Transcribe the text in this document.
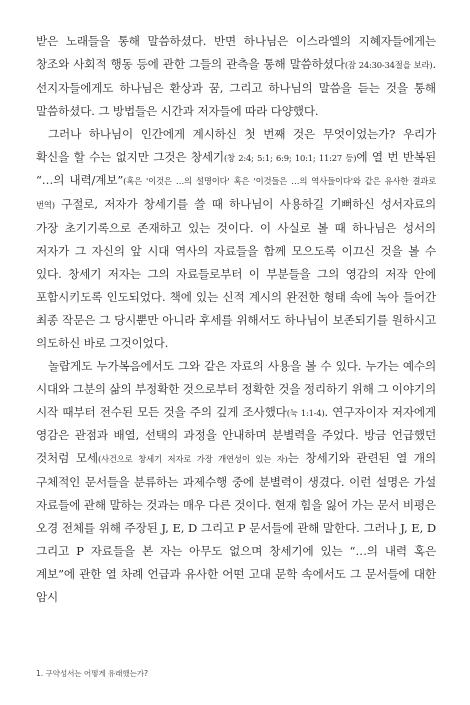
받은 노래들을 통해 말씀하셨다. 반면 하나님은 이스라엘의 지혜자들에게는 창조와 사회적 행동 등에 관한 그들의 관측을 통해 말씀하셨다(잠 24:30-34절을 보라). 선지자들에게도 하나님은 환상과 꿈, 그리고 하나님의 말씀을 듣는 것을 통해 말씀하셨다. 그 방법들은 시간과 저자들에 따라 다양했다.

그러나 하나님이 인간에게 계시하신 첫 번째 것은 무엇이었는가? 우리가 확신을 할 수는 없지만 그것은 창세기(창 2:4; 5:1; 6:9; 10:1; 11:27 등)에 열 번 반복된 “…의 내력/계보”(혹은 '이것은 …의 설명이다' 혹은 '이것들은 …의 역사들이다'와 같은 유사한 결과로 번역) 구절로, 저자가 창세기를 쓸 때 하나님이 사용하길 기뻐하신 성서자료의 가장 초기기록으로 존재하고 있는 것이다. 이 사실로 볼 때 하나님은 성서의 저자가 그 자신의 앞 시대 역사의 자료들을 함께 모으도록 이끄신 것을 볼 수 있다. 창세기 저자는 그의 자료들로부터 이 부분들을 그의 영감의 저작 안에 포함시키도록 인도되었다. 책에 있는 신적 계시의 완전한 형태 속에 녹아 들어간 최종 작문은 그 당시뿐만 아니라 후세를 위해서도 하나님이 보존되기를 원하시고 의도하신 바로 그것이었다.

놀랍게도 누가복음에서도 그와 같은 자료의 사용을 볼 수 있다. 누가는 예수의 시대와 그분의 삶의 부정확한 것으로부터 정확한 것을 정리하기 위해 그 이야기의 시작 때부터 전수된 모든 것을 주의 깊게 조사했다(눅 1:1-4). 연구자이자 저자에게 영감은 관점과 배열, 선택의 과정을 안내하며 분별력을 주었다. 방금 언급했던 것처럼 모세(사건으로 창세기 저자로 가장 개연성이 있는 자)는 창세기와 관련된 열 개의 구체적인 문서들을 분류하는 과제수행 중에 분별력이 생겼다. 이런 설명은 가설 자료들에 관해 말하는 것과는 매우 다른 것이다. 현재 힘을 잃어 가는 문서 비평은 오경 전체를 위해 주장된 J, E, D 그리고 P 문서들에 관해 말한다. 그러나 J, E, D 그리고 P 자료들을 본 자는 아무도 없으며 창세기에 있는 “…의 내력 혹은 계보”에 관한 열 차례 언급과 유사한 어떤 고대 문학 속에서도 그 문서들에 대한 암시

1. 구약성서는 어떻게 유래했는가?
